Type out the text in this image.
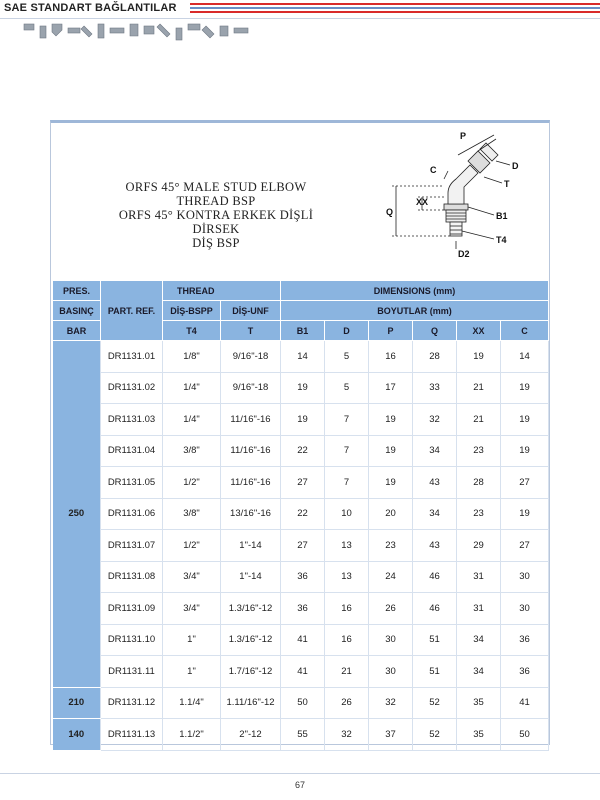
SAE STANDART BAĞLANTILAR
ORFS 45° MALE STUD ELBOW
THREAD BSP
ORFS 45° KONTRA ERKEK DİŞLİ DİRSEK
DİŞ BSP
P
D
C
T
XX
Q	B1
T4
D2
PRES.	PART. REF.	THREAD		DIMENSIONS (mm)					
BASINÇ		DİŞ-BSPP	DİŞ-UNF	BOYUTLAR (mm)					
BAR		T4	T	B1	D	P	Q	XX	C
250	DR1131.01	1/8"	9/16"-18	14	5	16	28	19	14
	DR1131.02	1/4"	9/16"-18	19	5	17	33	21	19
	DR1131.03	1/4"	11/16"-16	19	7	19	32	21	19
	DR1131.04	3/8"	11/16"-16	22	7	19	34	23	19
	DR1131.05	1/2"	11/16"-16	27	7	19	43	28	27
	DR1131.06	3/8"	13/16"-16	22	10	20	34	23	19
	DR1131.07	1/2"	1"-14	27	13	23	43	29	27
	DR1131.08	3/4"	1"-14	36	13	24	46	31	30
	DR1131.09	3/4"	1.3/16"-12	36	16	26	46	31	30
	DR1131.10	1"	1.3/16"-12	41	16	30	51	34	36
	DR1131.11	1"	1.7/16"-12	41	21	30	51	34	36
210	DR1131.12	1.1/4"	1.11/16"-12	50	26	32	52	35	41
140	DR1131.13	1.1/2"	2"-12	55	32	37	52	35	50
67
